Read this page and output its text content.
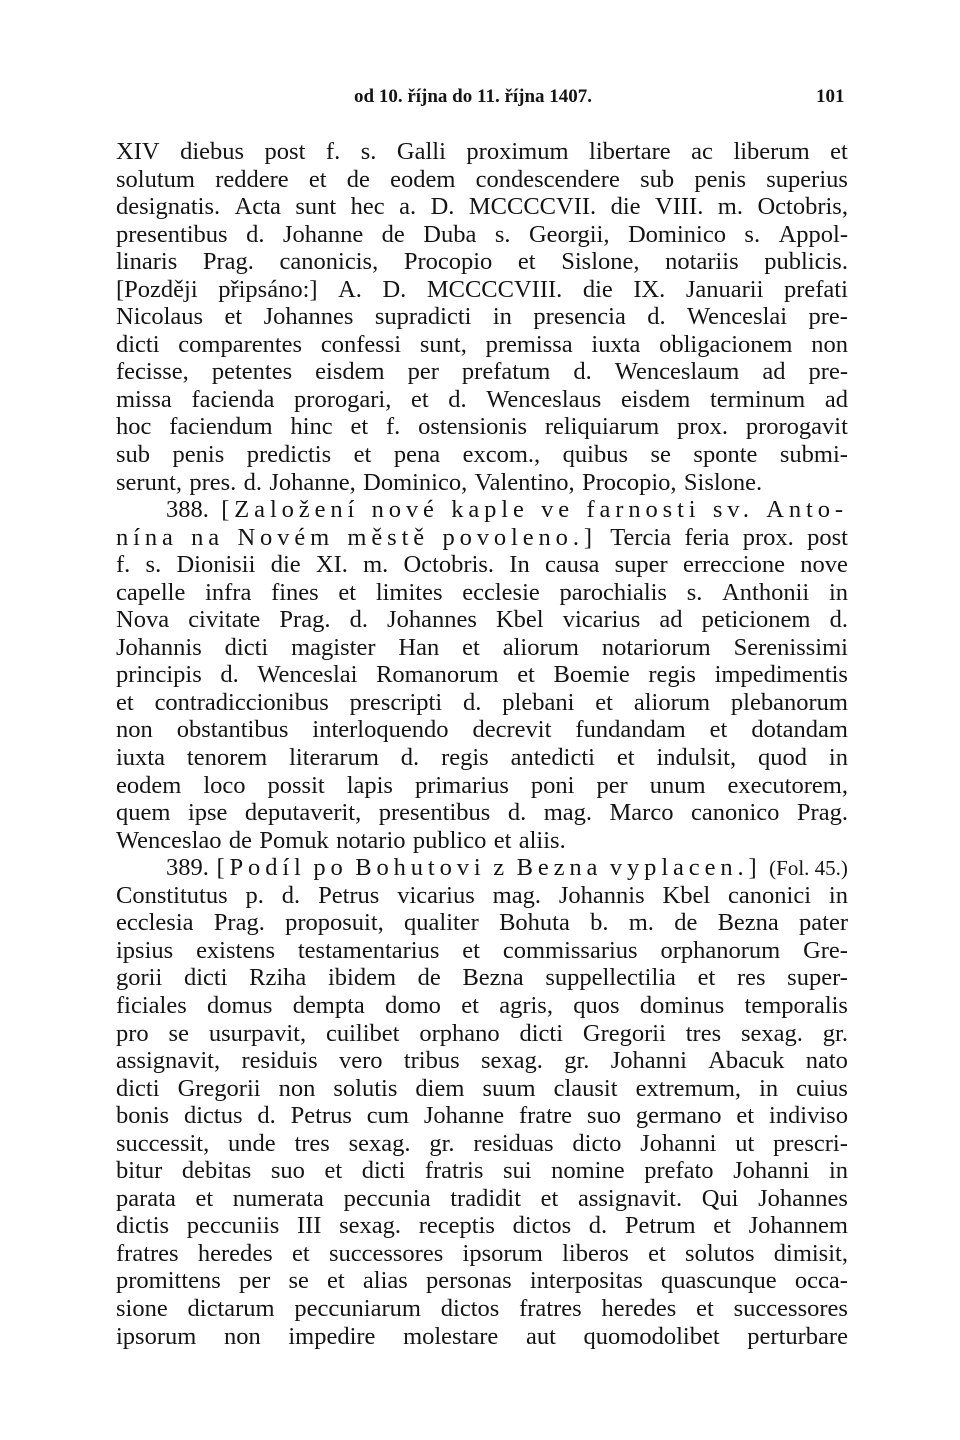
od 10. října do 11. října 1407.	101
XIV diebus post f. s. Galli proximum libertare ac liberum et
solutum reddere et de eodem condescendere sub penis superius
designatis. Acta sunt hec a. D. MCCCCVII. die VIII. m. Octobris,
presentibus d. Johanne de Duba s. Georgii, Dominico s. Appol-
linaris Prag. canonicis, Procopio et Sislone, notariis publicis.
[Později připsáno:] A. D. MCCCCVIII. die IX. Januarii prefati
Nicolaus et Johannes supradicti in presencia d. Wenceslai pre-
dicti comparentes confessi sunt, premissa iuxta obligacionem non
fecisse, petentes eisdem per prefatum d. Wenceslaum ad pre-
missa facienda prorogari, et d. Wenceslaus eisdem terminum ad
hoc faciendum hinc et f. ostensionis reliquiarum prox. prorogavit
sub penis predictis et pena excom., quibus se sponte submi-
serunt, pres. d. Johanne, Dominico, Valentino, Procopio, Sislone.
388. [Založení nové kaple ve farnosti sv. Anto-
nína na Novém městě povoleno.] Tercia feria prox. post
f. s. Dionisii die XI. m. Octobris. In causa super erreccione nove
capelle infra fines et limites ecclesie parochialis s. Anthonii in
Nova civitate Prag. d. Johannes Kbel vicarius ad peticionem d.
Johannis dicti magister Han et aliorum notariorum Serenissimi
principis d. Wenceslai Romanorum et Boemie regis impedimentis
et contradiccionibus prescripti d. plebani et aliorum plebanorum
non obstantibus interloquendo decrevit fundandam et dotandam
iuxta tenorem literarum d. regis antedicti et indulsit, quod in
eodem loco possit lapis primarius poni per unum executorem,
quem ipse deputaverit, presentibus d. mag. Marco canonico Prag.
Wenceslao de Pomuk notario publico et aliis.
389. [Podíl po Bohutovi z Bezna vyplacen.] (Fol. 45.)
Constitutus p. d. Petrus vicarius mag. Johannis Kbel canonici in
ecclesia Prag. proposuit, qualiter Bohuta b. m. de Bezna pater
ipsius existens testamentarius et commissarius orphanorum Gre-
gorii dicti Rziha ibidem de Bezna suppellectilia et res super-
ficiales domus dempta domo et agris, quos dominus temporalis
pro se usurpavit, cuilibet orphano dicti Gregorii tres sexag. gr.
assignavit, residuis vero tribus sexag. gr. Johanni Abacuk nato
dicti Gregorii non solutis diem suum clausit extremum, in cuius
bonis dictus d. Petrus cum Johanne fratre suo germano et indiviso
successit, unde tres sexag. gr. residuas dicto Johanni ut prescri-
bitur debitas suo et dicti fratris sui nomine prefato Johanni in
parata et numerata peccunia tradidit et assignavit. Qui Johannes
dictis peccuniis III sexag. receptis dictos d. Petrum et Johannem
fratres heredes et successores ipsorum liberos et solutos dimisit,
promittens per se et alias personas interpositas quascunque occa-
sione dictarum peccuniarum dictos fratres heredes et successores
ipsorum non impedire molestare aut quomodolibet perturbare
